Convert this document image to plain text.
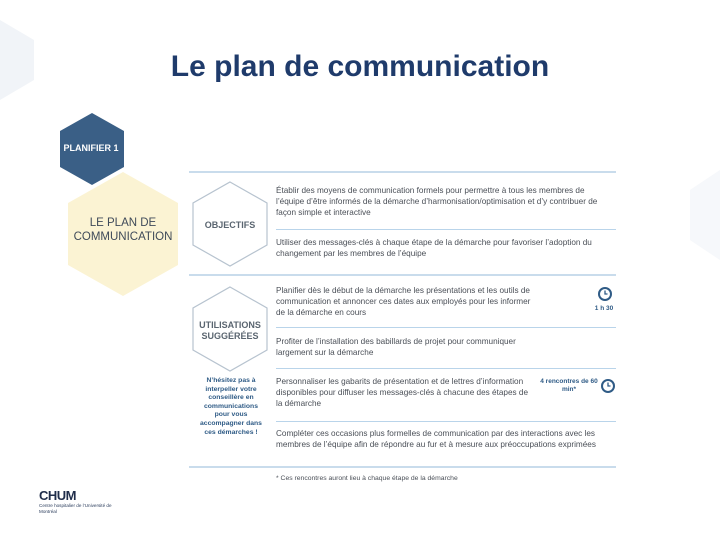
Le plan de communication
PLANIFIER 1
LE PLAN DE COMMUNICATION
OBJECTIFS
UTILISATIONS SUGGÉRÉES
N’hésitez pas à interpeller votre conseillère en communications pour vous accompagner dans ces démarches !

Établir des moyens de communication formels pour permettre à tous les membres de l’équipe d’être informés de la démarche d’harmonisation/optimisation et d’y contribuer de façon simple et interactive

Utiliser des messages-clés à chaque étape de la démarche pour favoriser l’adoption du changement par les membres de l’équipe

Planifier dès le début de la démarche les présentations et les outils de communication et annoncer ces dates aux employés pour les informer de la démarche en cours

Profiter de l’installation des babillards de projet pour communiquer largement sur la démarche

Personnaliser les gabarits de présentation et de lettres d’information disponibles pour diffuser les messages-clés à chacune des étapes de la démarche

Compléter ces occasions plus formelles de communication par des interactions avec les membres de l’équipe afin de répondre au fur et à mesure aux préoccupations exprimées

1 h 30
4 rencontres de 60 min*
* Ces rencontres auront lieu à chaque étape de la démarche
CHUM
Centre hospitalier de l’Université de Montréal
